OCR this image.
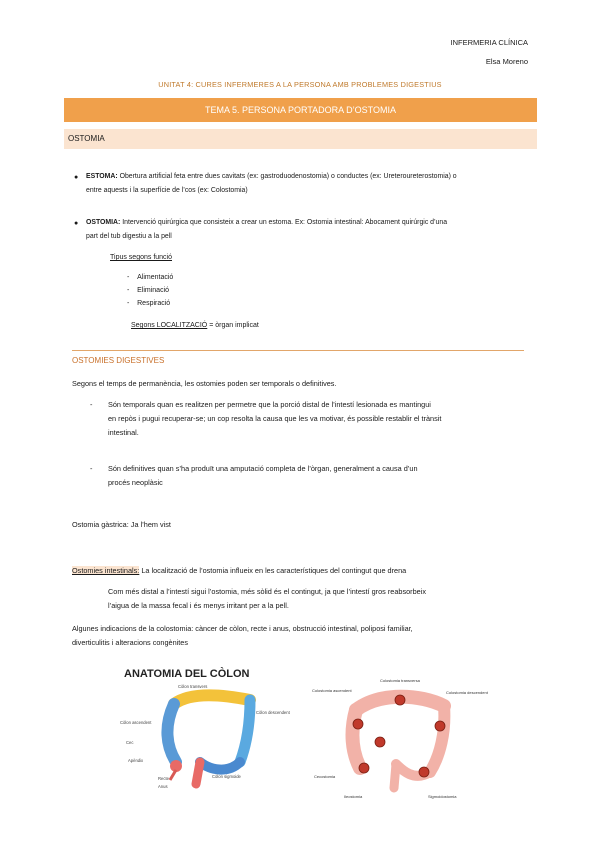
INFERMERIA CLÍNICA
Elsa Moreno
UNITAT 4: CURES INFERMERES A LA PERSONA AMB PROBLEMES DIGESTIUS
TEMA 5. PERSONA PORTADORA D’OSTOMIA
OSTOMIA
● ESTOMA: Obertura artificial feta entre dues cavitats (ex: gastroduodenostomia) o conductes (ex: Ureteroureterostomia) o
entre aquests i la superfície de l’cos (ex: Colostomia)
● OSTOMIA: Intervenció quirúrgica que consisteix a crear un estoma. Ex: Ostomia intestinal: Abocament quirúrgic d’una
part del tub digestiu a la pell
Tipus segons funció
- Alimentació
- Eliminació
- Respiració
Segons LOCALITZACIÓ = òrgan implicat
OSTOMIES DIGESTIVES
Segons el temps de permanència, les ostomies poden ser temporals o definitives.
- Són temporals quan es realitzen per permetre que la porció distal de l’intestí lesionada es mantingui
en repòs i pugui recuperar-se; un cop resolta la causa que les va motivar, és possible restablir el trànsit
intestinal.
- Són definitives quan s’ha produït una amputació completa de l’òrgan, generalment a causa d’un
procés neoplàsic
Ostomia gàstrica: Ja l’hem vist
Ostomies intestinals: La localització de l’ostomia influeix en les característiques del contingut que drena
Com més distal a l’intestí sigui l’ostomia, més sòlid és el contingut, ja que l’intestí gros reabsorbeix
l’aigua de la massa fecal i és menys irritant per a la pell.
Algunes indicacions de la colostomia: càncer de còlon, recte i anus, obstrucció intestinal, poliposi familiar,
diverticulitis i alteracions congènites
ANATOMIA DEL CÒLON
Còlon transvers
Còlon ascendent
Cec
Apèndix
Recte
Anus
Còlon descendent
Còlon sigmoide
Colostomia ascendent
Colostomia transversa
Colostomia descendent
Cecostomia
Ileostomia	Sigmoidostomia
